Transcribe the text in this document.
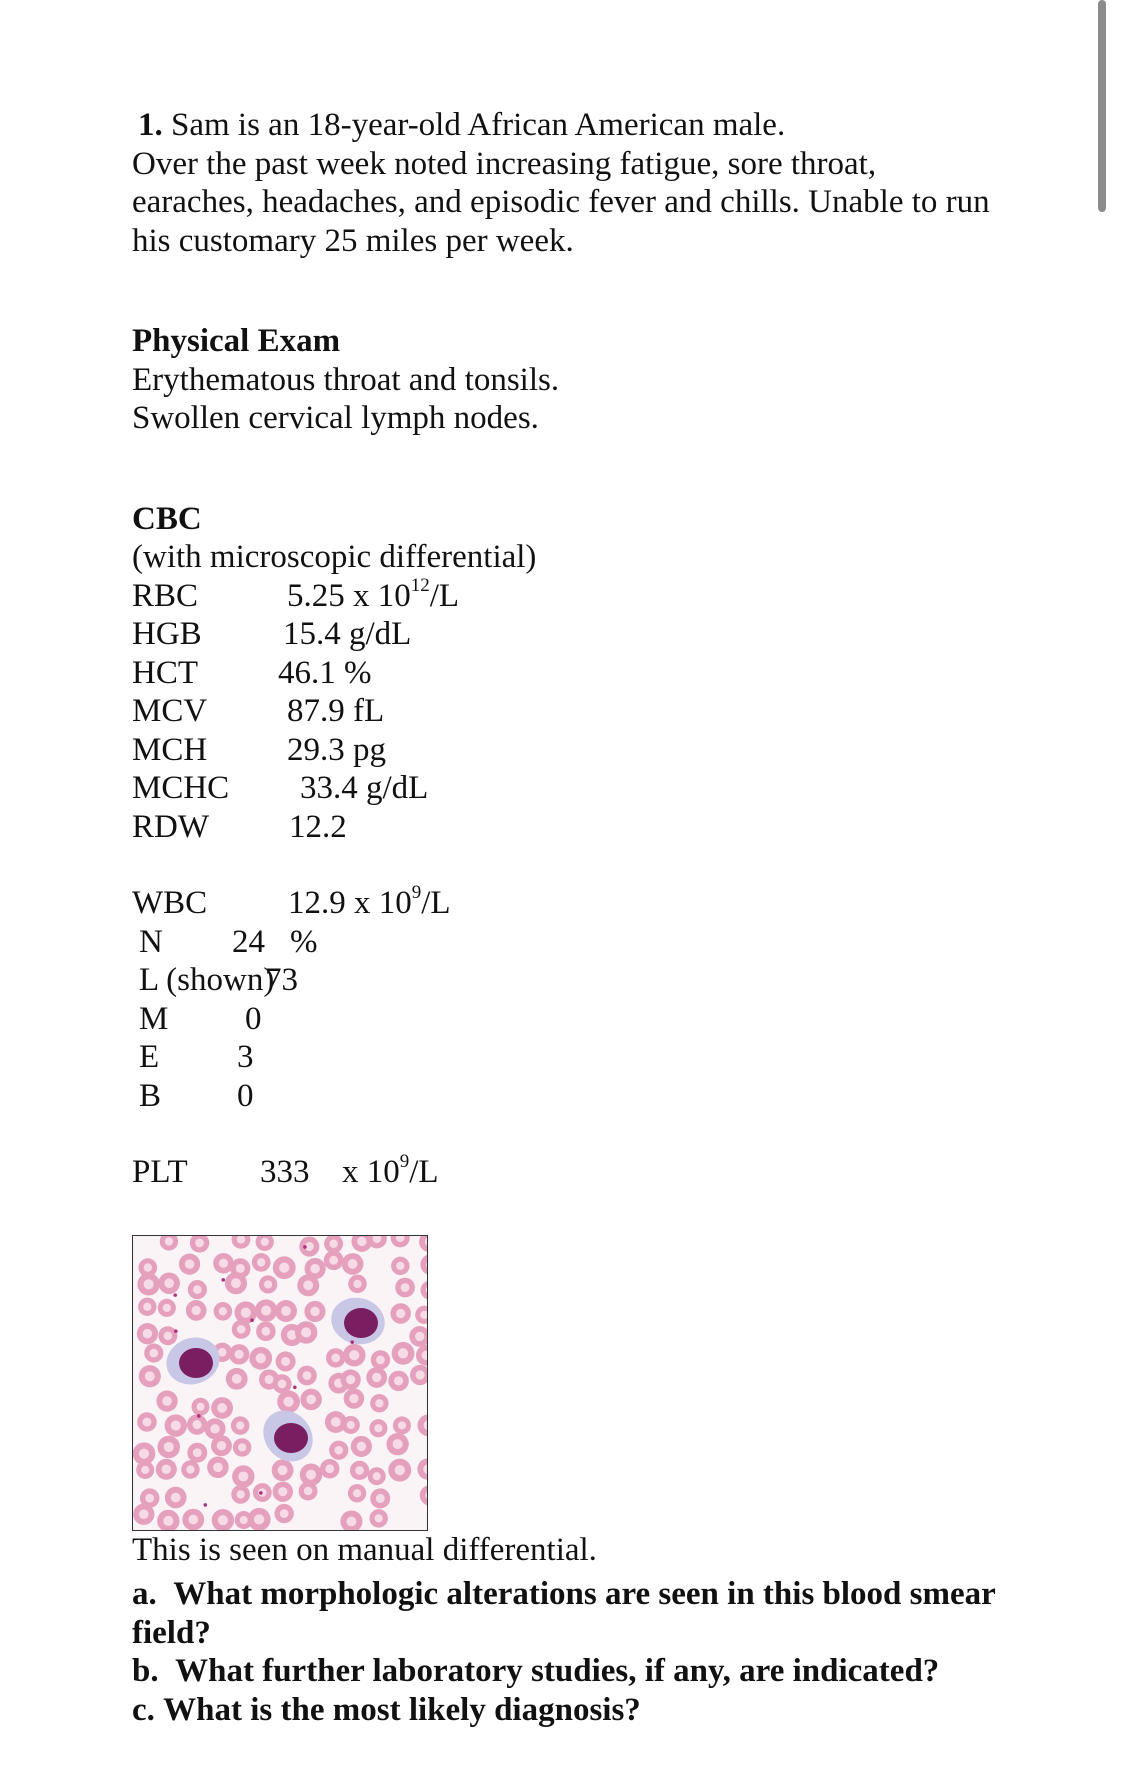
1. Sam is an 18-year-old African American male.

Over the past week noted increasing fatigue, sore throat,

earaches, headaches, and episodic fever and chills. Unable to run

his customary 25 miles per week.

Physical Exam

Erythematous throat and tonsils.

Swollen cervical lymph nodes.

CBC

(with microscopic differential)

RBC	5.25 x $10^{12}/L$
HGB 15.4 g/dL
HCT 46.1 %
MCV 87.9 fL
MCH 29.3 pg
MCHC 33.4 g/dL
RDW 12.2
WBC 12.9 x $10^9/L$
N 24 %
L (shown)
73
M 0
E 3
B 0
PLT 333 x $10^9/L$

This is seen on manual differential.

a. What morphologic alterations are seen in this blood smear field?

b. What further laboratory studies, if any, are indicated?

c. What is the most likely diagnosis?
